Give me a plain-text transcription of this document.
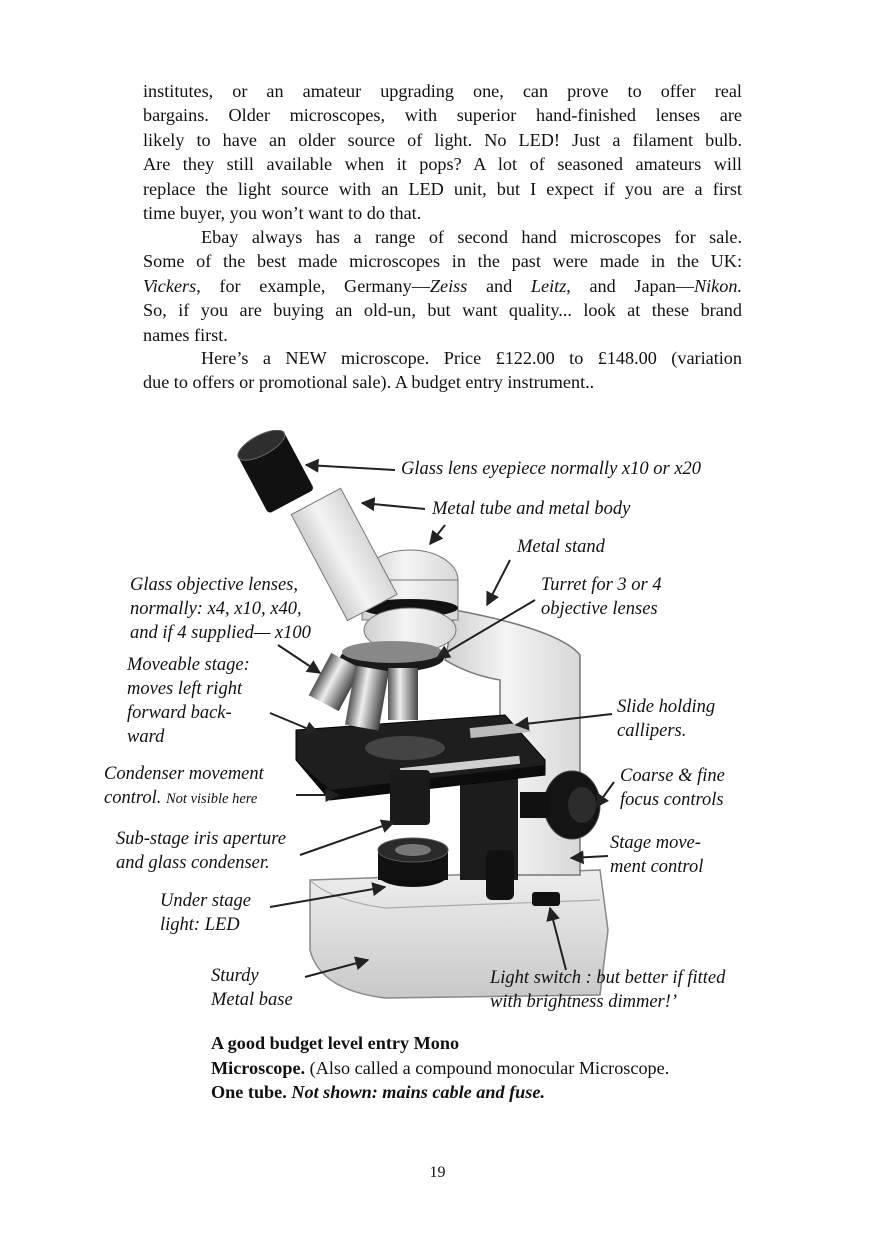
institutes, or an amateur upgrading one, can prove to offer real
bargains. Older microscopes, with superior hand-finished lenses are
likely to have an older source of light. No LED! Just a filament bulb.
Are they still available when it pops? A lot of seasoned amateurs will
replace the light source with an LED unit, but I expect if you are a first
time buyer, you won’t want to do that.
Ebay always has a range of second hand microscopes for sale.
Some of the best made microscopes in the past were made in the UK:
Vickers, for example, Germany—Zeiss and Leitz, and Japan—Nikon.
So, if you are buying an old-un, but want quality... look at these brand
names first.
Here’s a NEW microscope. Price £122.00 to £148.00 (variation
due to offers or promotional sale). A budget entry instrument..
Glass lens eyepiece normally x10 or x20
Metal tube and metal body
Metal stand
Turret for 3 or 4
objective lenses
Glass objective lenses,
normally: x4, x10, x40,
and if 4 supplied— x100
Moveable stage:
moves left right
forward back-
ward
Slide holding
callipers.
Condenser movement
control. Not visible here
Coarse & fine
focus controls
Sub-stage iris aperture
and glass condenser.
Stage move-
ment control
Under stage
light: LED
Sturdy
Metal base
Light switch : but better if fitted
with brightness dimmer!’
A good budget level entry Mono
Microscope. (Also called a compound monocular Microscope.
One tube. Not shown: mains cable and fuse.
19
